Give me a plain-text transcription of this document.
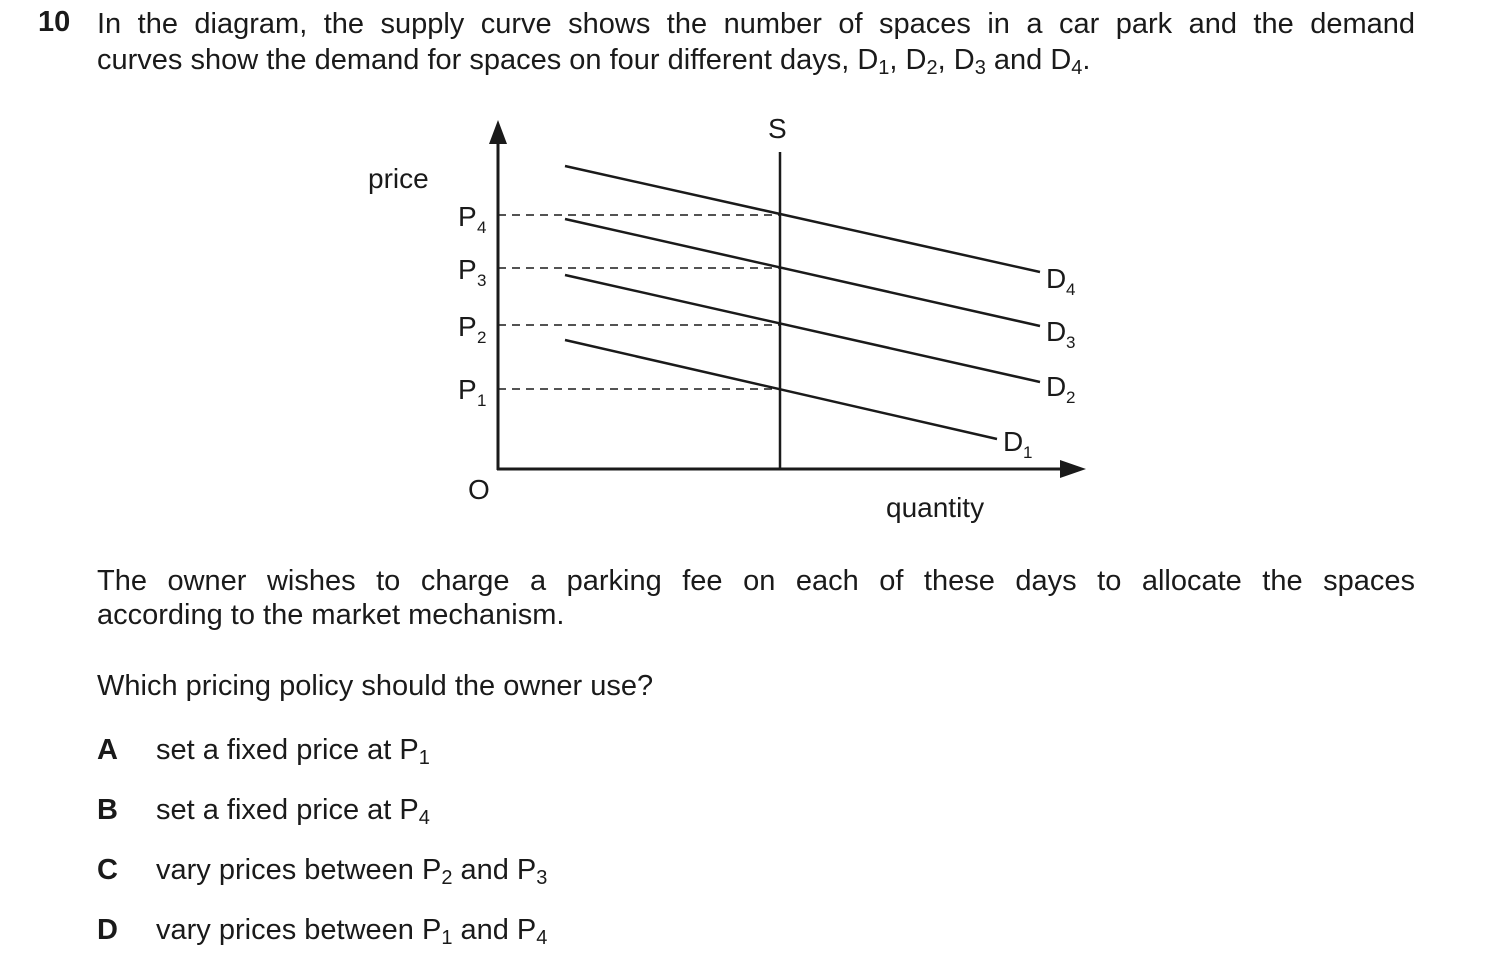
10 In the diagram, the supply curve shows the number of spaces in a car park and the demand
curves show the demand for spaces on four different days, $D_1$, $D_2$, $D_3$ and $D_4$.
price
quantity
O
S
P 4
P 3
P 2
P 1
D 4
D 3
D 2
D 1
The owner wishes to charge a parking fee on each of these days to allocate the spaces
according to the market mechanism.
Which pricing policy should the owner use?
A set a fixed price at $P_1$
B set a fixed price at $P_4$
C vary prices between $P_2$ and $P_3$
D vary prices between $P_1$ and $P_4$
